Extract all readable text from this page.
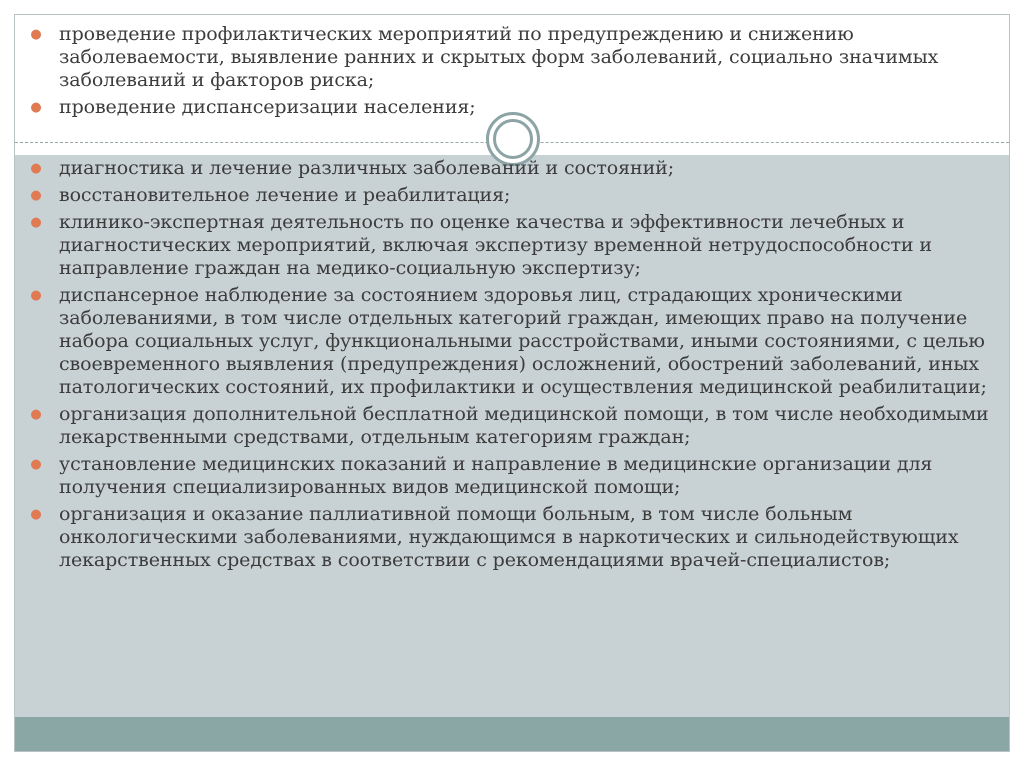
● проведение профилактических мероприятий по предупреждению и снижению заболеваемости, выявление ранних и скрытых форм заболеваний, социально значимых заболеваний и факторов риска;
● проведение диспансеризации населения;
● диагностика и лечение различных заболеваний и состояний;
● восстановительное лечение и реабилитация;
● клинико-экспертная деятельность по оценке качества и эффективности лечебных и диагностических мероприятий, включая экспертизу временной нетрудоспособности и направление граждан на медико-социальную экспертизу;
● диспансерное наблюдение за состоянием здоровья лиц, страдающих хроническими заболеваниями, в том числе отдельных категорий граждан, имеющих право на получение набора социальных услуг, функциональными расстройствами, иными состояниями, с целью своевременного выявления (предупреждения) осложнений, обострений заболеваний, иных патологических состояний, их профилактики и осуществления медицинской реабилитации;
● организация дополнительной бесплатной медицинской помощи, в том числе необходимыми лекарственными средствами, отдельным категориям граждан;
● установление медицинских показаний и направление в медицинские организации для получения специализированных видов медицинской помощи;
● организация и оказание паллиативной помощи больным, в том числе больным онкологическими заболеваниями, нуждающимся в наркотических и сильнодействующих лекарственных средствах в соответствии с рекомендациями врачей-специалистов;
